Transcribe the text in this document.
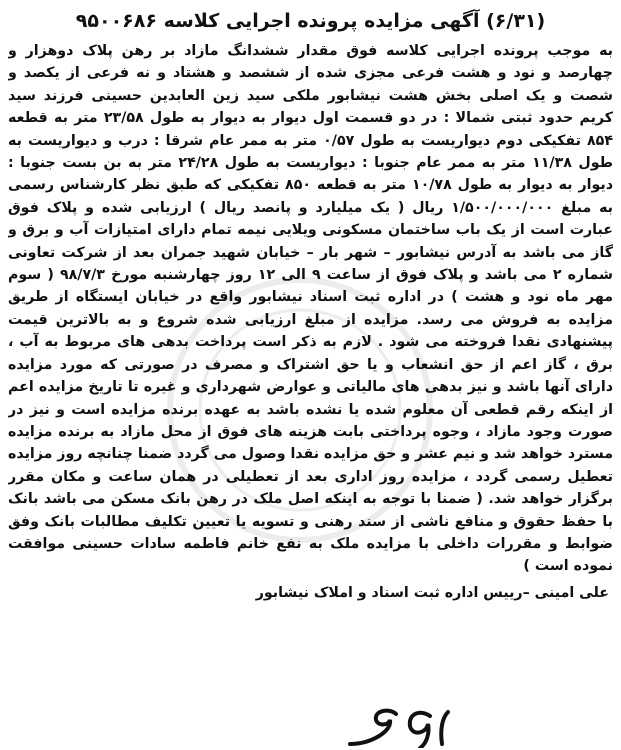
(۶/۳۱) آگهی مزایده پرونده اجرایی کلاسه ۹۵۰۰۶۸۶

به موجب پرونده اجرایی کلاسه فوق مقدار ششدانگ مازاد بر رهن پلاک دوهزار و چهارصد و نود و هشت فرعی مجزی شده از ششصد و هشتاد و نه فرعی از یکصد و شصت و یک اصلی بخش هشت نیشابور ملکی سید زین العابدین حسینی فرزند سید کریم حدود ثبتی شمالا : در دو قسمت اول دیوار به دیوار به طول ۲۳/۵۸ متر به قطعه ۸۵۴ تفکیکی دوم دیواریست به طول ۰/۵۷ متر به ممر عام شرقا : درب و دیواریست به طول ۱۱/۳۸ متر به ممر عام جنوبا : دیواریست به طول ۲۴/۲۸ متر به بن بست جنوبا : دیوار به دیوار به طول ۱۰/۷۸ متر به قطعه ۸۵۰ تفکیکی که طبق نظر کارشناس رسمی به مبلغ ۱/۵۰۰/۰۰۰/۰۰۰ ریال ( یک میلیارد و پانصد ریال ) ارزیابی شده و پلاک فوق عبارت است از یک باب ساختمان مسکونی ویلایی نیمه تمام دارای امتیازات آب و برق و گاز می باشد به آدرس نیشابور – شهر بار – خیابان شهید جمران بعد از شرکت تعاونی شماره ۲ می باشد و پلاک فوق از ساعت ۹ الی ۱۲ روز چهارشنبه مورخ ۹۸/۷/۳ ( سوم مهر ماه نود و هشت ) در اداره ثبت اسناد نیشابور واقع در خیابان ایستگاه از طریق مزایده به فروش می رسد. مزایده از مبلغ ارزیابی شده شروع و به بالاترین قیمت پیشنهادی نقدا فروخته می شود . لازم به ذکر است پرداخت بدهی های مربوط به آب ، برق ، گاز اعم از حق انشعاب و یا حق اشتراک و مصرف در صورتی که مورد مزایده دارای آنها باشد و نیز بدهی های مالیاتی و عوارض شهرداری و غیره تا تاریخ مزایده اعم از اینکه رقم قطعی آن معلوم شده یا نشده باشد به عهده برنده مزایده است و نیز در صورت وجود مازاد ، وجوه پرداختی بابت هزینه های فوق از محل مازاد به برنده مزایده مسترد خواهد شد و نیم عشر و حق مزایده نقدا وصول می گردد ضمنا چنانچه روز مزایده تعطیل رسمی گردد ، مزایده روز اداری بعد از تعطیلی در همان ساعت و مکان مقرر برگزار خواهد شد. ( ضمنا با توجه به اینکه اصل ملک در رهن بانک مسکن می باشد بانک با حفظ حقوق و منافع ناشی از سند رهنی و تسویه یا تعیین تکلیف مطالبات بانک وفق ضوابط و مقررات داخلی با مزایده ملک به نفع خانم فاطمه سادات حسینی موافقت نموده است )

علی امینی –رییس اداره ثبت اسناد و املاک نیشابور
